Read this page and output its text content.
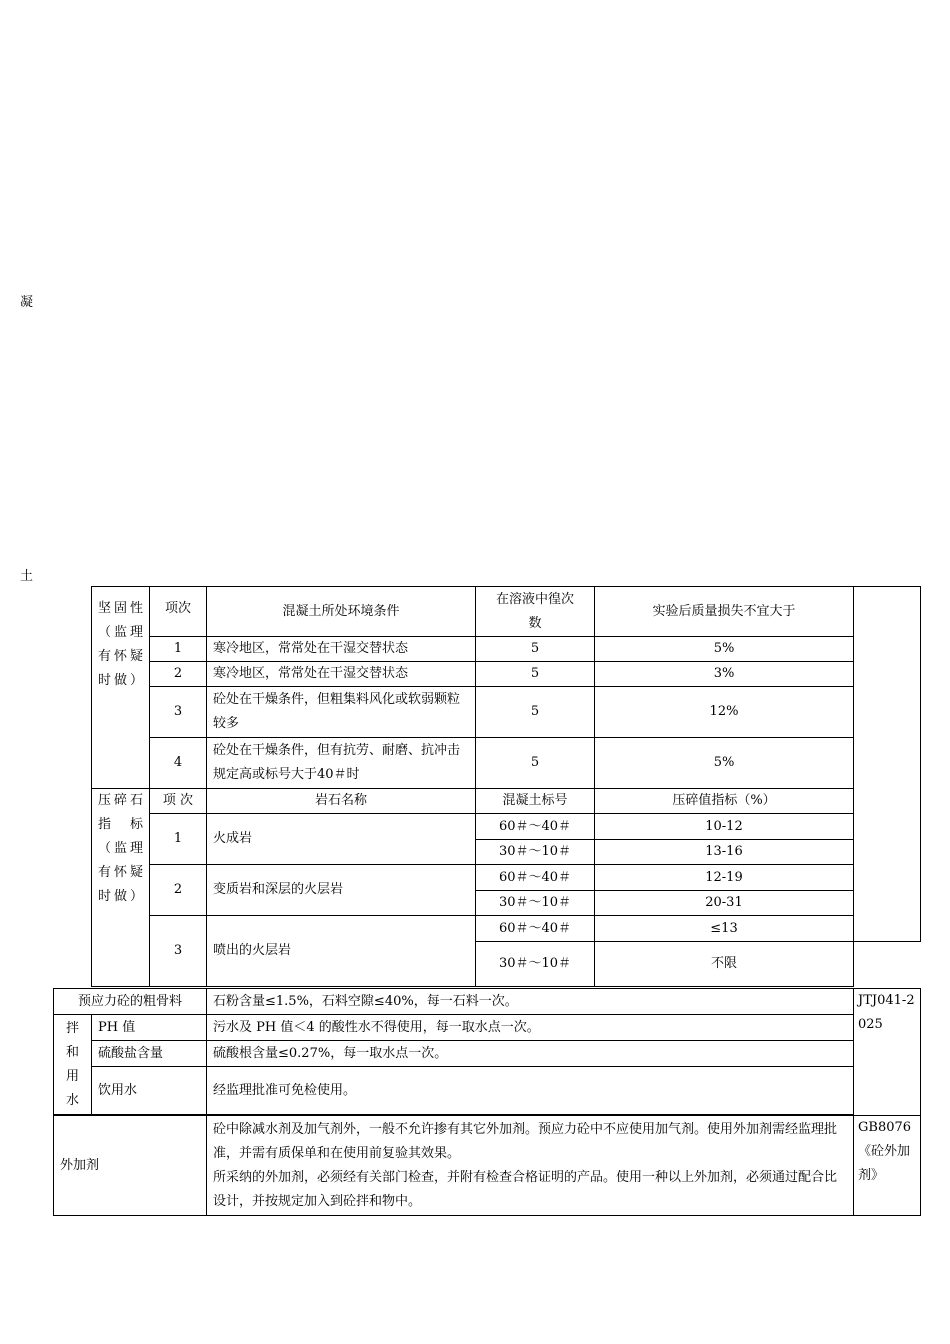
凝
土
坚固性（监理有怀疑时做）	项次	混凝土所处环境条件	在溶液中徨次数	实验后质量损失不宜大于	
	1	寒冷地区，常常处在干湿交替状态	5	5%	
	2	寒冷地区，常常处在干湿交替状态	5	3%	
	3	砼处在干燥条件，但粗集料风化或软弱颗粒较多	5	12%	
	4	砼处在干燥条件，但有抗劳、耐磨、抗冲击规定高或标号大于40＃时	5	5%	

压碎石指标（监理有怀疑时做）	项 次	岩石名称	混凝土标号	压碎值指标（%）	
	1	火成岩	60＃～40＃	10-12	
			30＃～10＃	13-16	
	2	变质岩和深层的火层岩	60＃～40＃	12-19	
			30＃～10＃	20-31	
	3	喷出的火层岩	60＃～40＃	≤13	
			30＃～10＃	不限	
预应力砼的粗骨料		石粉含量≤1.5%，石料空隙≤40%，每一石料一次。	JTJ041-2025

拌和用水	PH 值	污水及 PH 值＜4 的酸性水不得使用，每一取水点一次。	
	硫酸盐含量	硫酸根含量≤0.27%，每一取水点一次。	
	饮用水	经监理批准可免检使用。	

外加剂		砼中除减水剂及加气剂外，一般不允许掺有其它外加剂。预应力砼中不应使用加气剂。使用外加剂需经监理批准，并需有质保单和在使用前复验其效果。
所采纳的外加剂，必须经有关部门检查，并附有检查合格证明的产品。使用一种以上外加剂，必须通过配合比设计，并按规定加入到砼拌和物中。	GB8076《砼外加剂》
